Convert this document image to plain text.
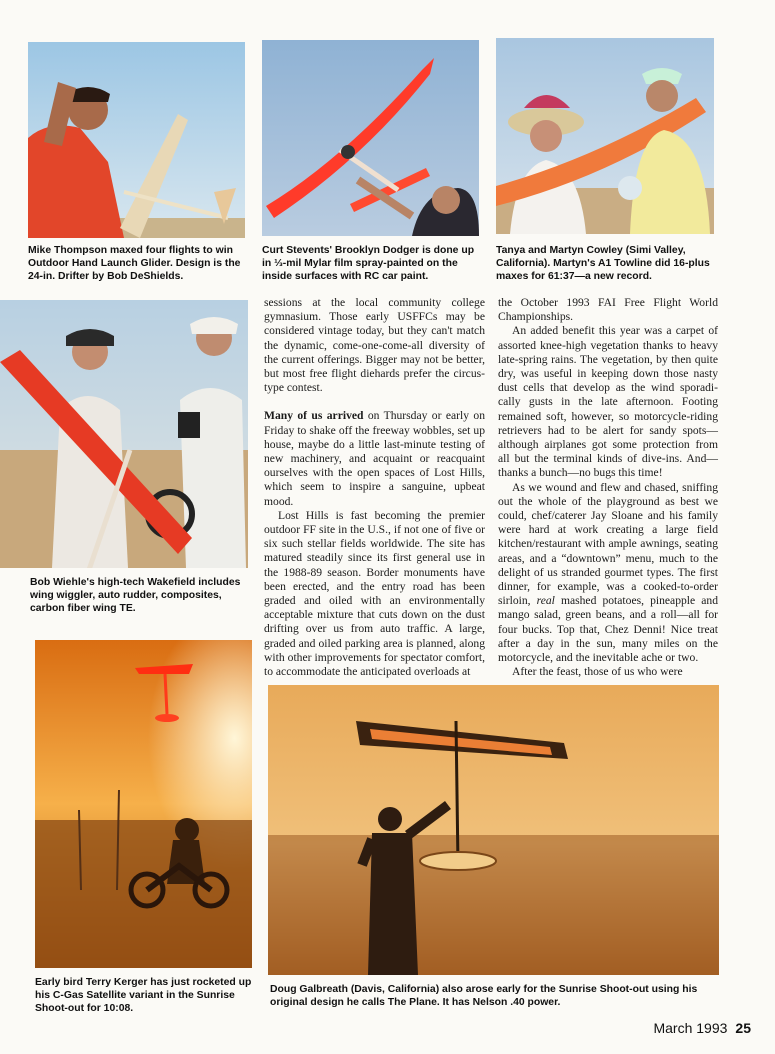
Mike Thompson maxed four flights to win Outdoor Hand Launch Glider. Design is the 24-in. Drifter by Bob DeShields.

Curt Stevents' Brooklyn Dodger is done up in ⅓-mil Mylar film spray-painted on the inside surfaces with RC car paint.

Tanya and Martyn Cowley (Simi Valley, California). Martyn's A1 Towline did 16-plus maxes for 61:37—a new record.

Bob Wiehle's high-tech Wakefield includes wing wiggler, auto rudder, composites, carbon fiber wing TE.

Early bird Terry Kerger has just rocketed up his C-Gas Satellite variant in the Sunrise Shoot-out for 10:08.

Doug Galbreath (Davis, California) also arose early for the Sunrise Shoot-out using his original design he calls The Plane. It has Nelson .40 power.

sessions at the local community college gymnasium. Those early USFFCs may be considered vintage today, but they can't match the dynamic, come-one-come-all diversity of the current offerings. Bigger may not be better, but most free flight diehards prefer the circus-type contest.

Many of us arrived on Thursday or early on Friday to shake off the freeway wobbles, set up house, maybe do a little last-minute testing of new machinery, and acquaint or reacquaint ourselves with the open spaces of Lost Hills, which seem to inspire a sanguine, upbeat mood.

Lost Hills is fast becoming the premier outdoor FF site in the U.S., if not one of five or six such stellar fields worldwide. The site has matured steadily since its first general use in the 1988-89 season. Border monuments have been erected, and the entry road has been graded and oiled with an environmentally acceptable mixture that cuts down on the dust drifting over us from auto traffic. A large, graded and oiled parking area is planned, along with other improvements for spectator comfort, to accommodate the anticipated overloads at

the October 1993 FAI Free Flight World Championships.

An added benefit this year was a carpet of assorted knee-high vegetation thanks to heavy late-spring rains. The vegetation, by then quite dry, was useful in keeping down those nasty dust cells that develop as the wind sporadi-cally gusts in the late afternoon. Footing remained soft, however, so motorcycle-riding retrievers had to be alert for sandy spots—although airplanes got some protection from all but the terminal kinds of dive-ins. And—thanks a bunch—no bugs this time!

As we wound and flew and chased, sniffing out the whole of the playground as best we could, chef/caterer Jay Sloane and his family were hard at work creating a large field kitchen/restaurant with ample awnings, seating areas, and a “downtown” menu, much to the delight of us stranded gourmet types. The first dinner, for example, was a cooked-to-order sirloin, real mashed potatoes, pineapple and mango salad, green beans, and a roll—all for four bucks. Top that, Chez Denni! Nice treat after a day in the sun, many miles on the motorcycle, and the inevitable ache or two.

After the feast, those of us who were

March 1993 25
